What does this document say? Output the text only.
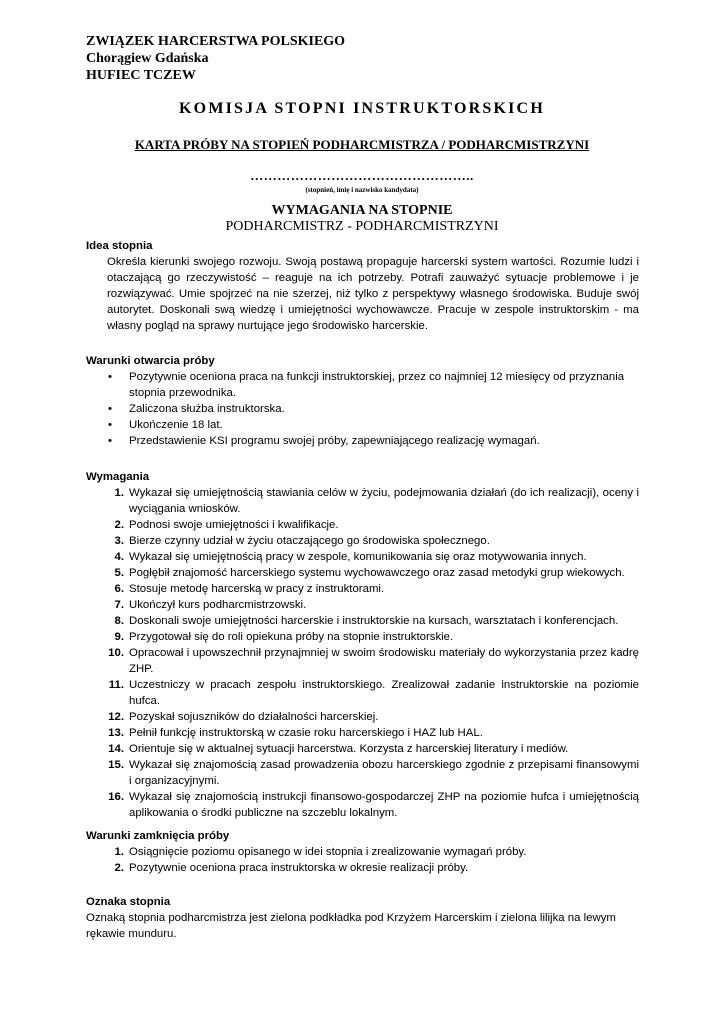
ZWIĄZEK HARCERSTWA POLSKIEGO
Chorągiew Gdańska
HUFIEC TCZEW
KOMISJA STOPNI INSTRUKTORSKICH
KARTA PRÓBY NA STOPIEŃ PODHARCMISTRZA / PODHARCMISTRZYNI
…………………………………………..
(stopnień, imię i nazwisko kandydata)
WYMAGANIA NA STOPNIE
PODHARCMISTRZ - PODHARCMISTRZYNI

Idea stopnia

Określa kierunki swojego rozwoju. Swoją postawą propaguje harcerski system wartości. Rozumie ludzi i otaczającą go rzeczywistość – reaguje na ich potrzeby. Potrafi zauważyć sytuacje problemowe i je rozwiązywać. Umie spojrzeć na nie szerzej, niż tylko z perspektywy własnego środowiska. Buduje swój autorytet. Doskonali swą wiedzę i umiejętności wychowawcze. Pracuje w zespole instruktorskim - ma własny pogląd na sprawy nurtujące jego środowisko harcerskie.

Warunki otwarcia próby

• Pozytywnie oceniona praca na funkcji instruktorskiej, przez co najmniej 12 miesięcy od przyznania stopnia przewodnika.
• Zaliczona służba instruktorska.
• Ukończenie 18 lat.
• Przedstawienie KSI programu swojej próby, zapewniającego realizację wymagań.

Wymagania

1. Wykazał się umiejętnością stawiania celów w życiu, podejmowania działań (do ich realizacji), oceny i wyciągania wniosków.
2. Podnosi swoje umiejętności i kwalifikacje.
3. Bierze czynny udział w życiu otaczającego go środowiska społecznego.
4. Wykazał się umiejętnością pracy w zespole, komunikowania się oraz motywowania innych.
5. Pogłębił znajomość harcerskiego systemu wychowawczego oraz zasad metodyki grup wiekowych.
6. Stosuje metodę harcerską w pracy z instruktorami.
7. Ukończył kurs podharcmistrzowski.
8. Doskonali swoje umiejętności harcerskie i instruktorskie na kursach, warsztatach i konferencjach.
9. Przygotował się do roli opiekuna próby na stopnie instruktorskie.
10. Opracował i upowszechnił przynajmniej w swoim środowisku materiały do wykorzystania przez kadrę ZHP.
11. Uczestniczy w pracach zespołu instruktorskiego. Zrealizował zadanie instruktorskie na poziomie hufca.
12. Pozyskał sojuszników do działalności harcerskiej.
13. Pełnił funkcję instruktorską w czasie roku harcerskiego i HAZ lub HAL.
14. Orientuje się w aktualnej sytuacji harcerstwa. Korzysta z harcerskiej literatury i mediów.
15. Wykazał się znajomością zasad prowadzenia obozu harcerskiego zgodnie z przepisami finansowymi i organizacyjnymi.
16. Wykazał się znajomością instrukcji finansowo-gospodarczej ZHP na poziomie hufca i umiejętnością aplikowania o środki publiczne na szczeblu lokalnym.

Warunki zamknięcia próby

1. Osiągnięcie poziomu opisanego w idei stopnia i zrealizowanie wymagań próby.
2. Pozytywnie oceniona praca instruktorska w okresie realizacji próby.

Oznaka stopnia

Oznaką stopnia podharcmistrza jest zielona podkładka pod Krzyżem Harcerskim i zielona lilijka na lewym rękawie munduru.
